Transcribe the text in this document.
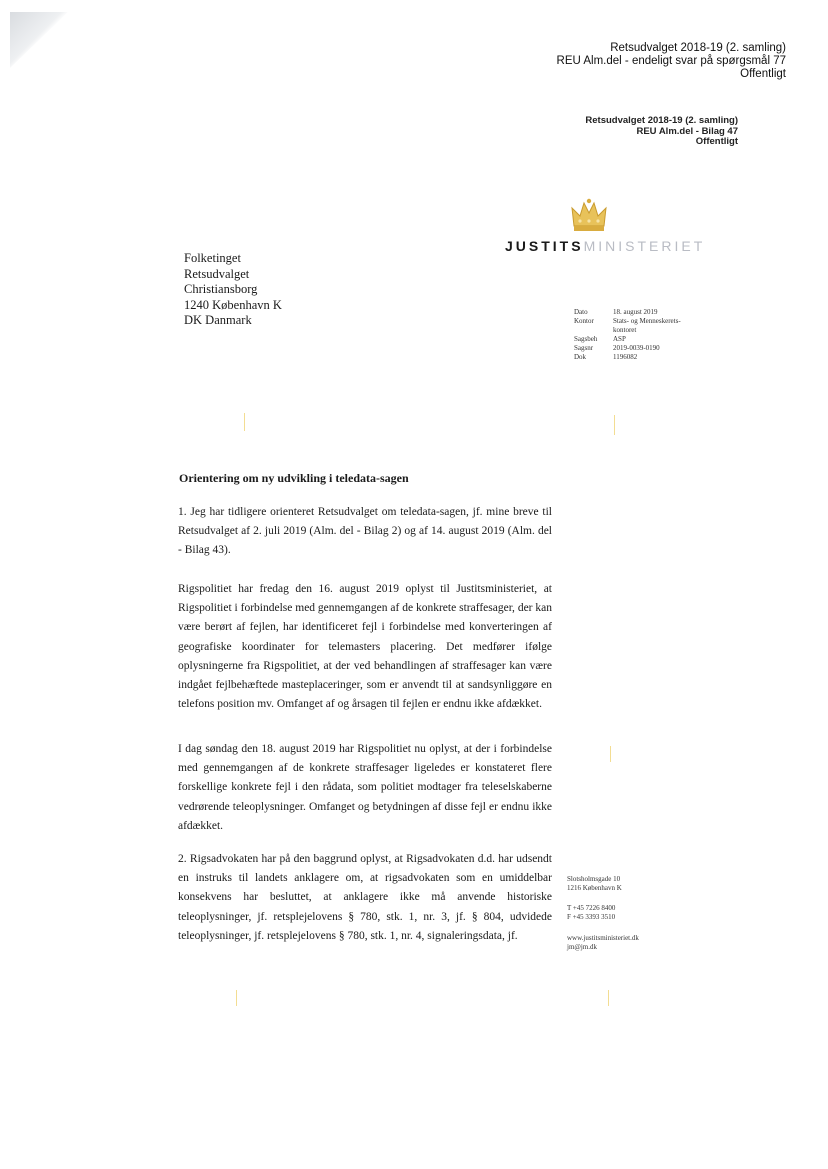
Retsudvalget 2018-19 (2. samling)
REU Alm.del - endeligt svar på spørgsmål 77
Offentligt
Retsudvalget 2018-19 (2. samling)
REU Alm.del - Bilag 47
Offentligt
JUSTITSMINISTERIET
Folketinget
Retsudvalget
Christiansborg
1240 København K
DK Danmark
Dato	18. august 2019
Kontor	Stats- og Menneskerets-
kontoret
Sagsbeh	ASP
Sagsnr	2019-0039-0190
Dok	1196082
Orientering om ny udvikling i teledata-sagen

1. Jeg har tidligere orienteret Retsudvalget om teledata-sagen, jf. mine breve til Retsudvalget af 2. juli 2019 (Alm. del - Bilag 2) og af 14. august 2019 (Alm. del - Bilag 43).

Rigspolitiet har fredag den 16. august 2019 oplyst til Justitsministeriet, at Rigspolitiet i forbindelse med gennemgangen af de konkrete straffesager, der kan være berørt af fejlen, har identificeret fejl i forbindelse med konverteringen af geografiske koordinater for telemasters placering. Det medfører ifølge oplysningerne fra Rigspolitiet, at der ved behandlingen af straffesager kan være indgået fejlbehæftede masteplaceringer, som er anvendt til at sandsynliggøre en telefons position mv. Omfanget af og årsagen til fejlen er endnu ikke afdækket.

I dag søndag den 18. august 2019 har Rigspolitiet nu oplyst, at der i forbindelse med gennemgangen af de konkrete straffesager ligeledes er konstateret flere forskellige konkrete fejl i den rådata, som politiet modtager fra teleselskaberne vedrørende teleoplysninger. Omfanget og betydningen af disse fejl er endnu ikke afdækket.

2. Rigsadvokaten har på den baggrund oplyst, at Rigsadvokaten d.d. har udsendt en instruks til landets anklagere om, at rigsadvokaten som en umiddelbar konsekvens har besluttet, at anklagere ikke må anvende historiske teleoplysninger, jf. retsplejelovens § 780, stk. 1, nr. 3, jf. § 804, udvidede teleoplysninger, jf. retsplejelovens § 780, stk. 1, nr. 4, signaleringsdata, jf.

Slotsholmsgade 10
1216 København K
T +45 7226 8400
F +45 3393 3510
www.justitsministeriet.dk
jm@jm.dk
